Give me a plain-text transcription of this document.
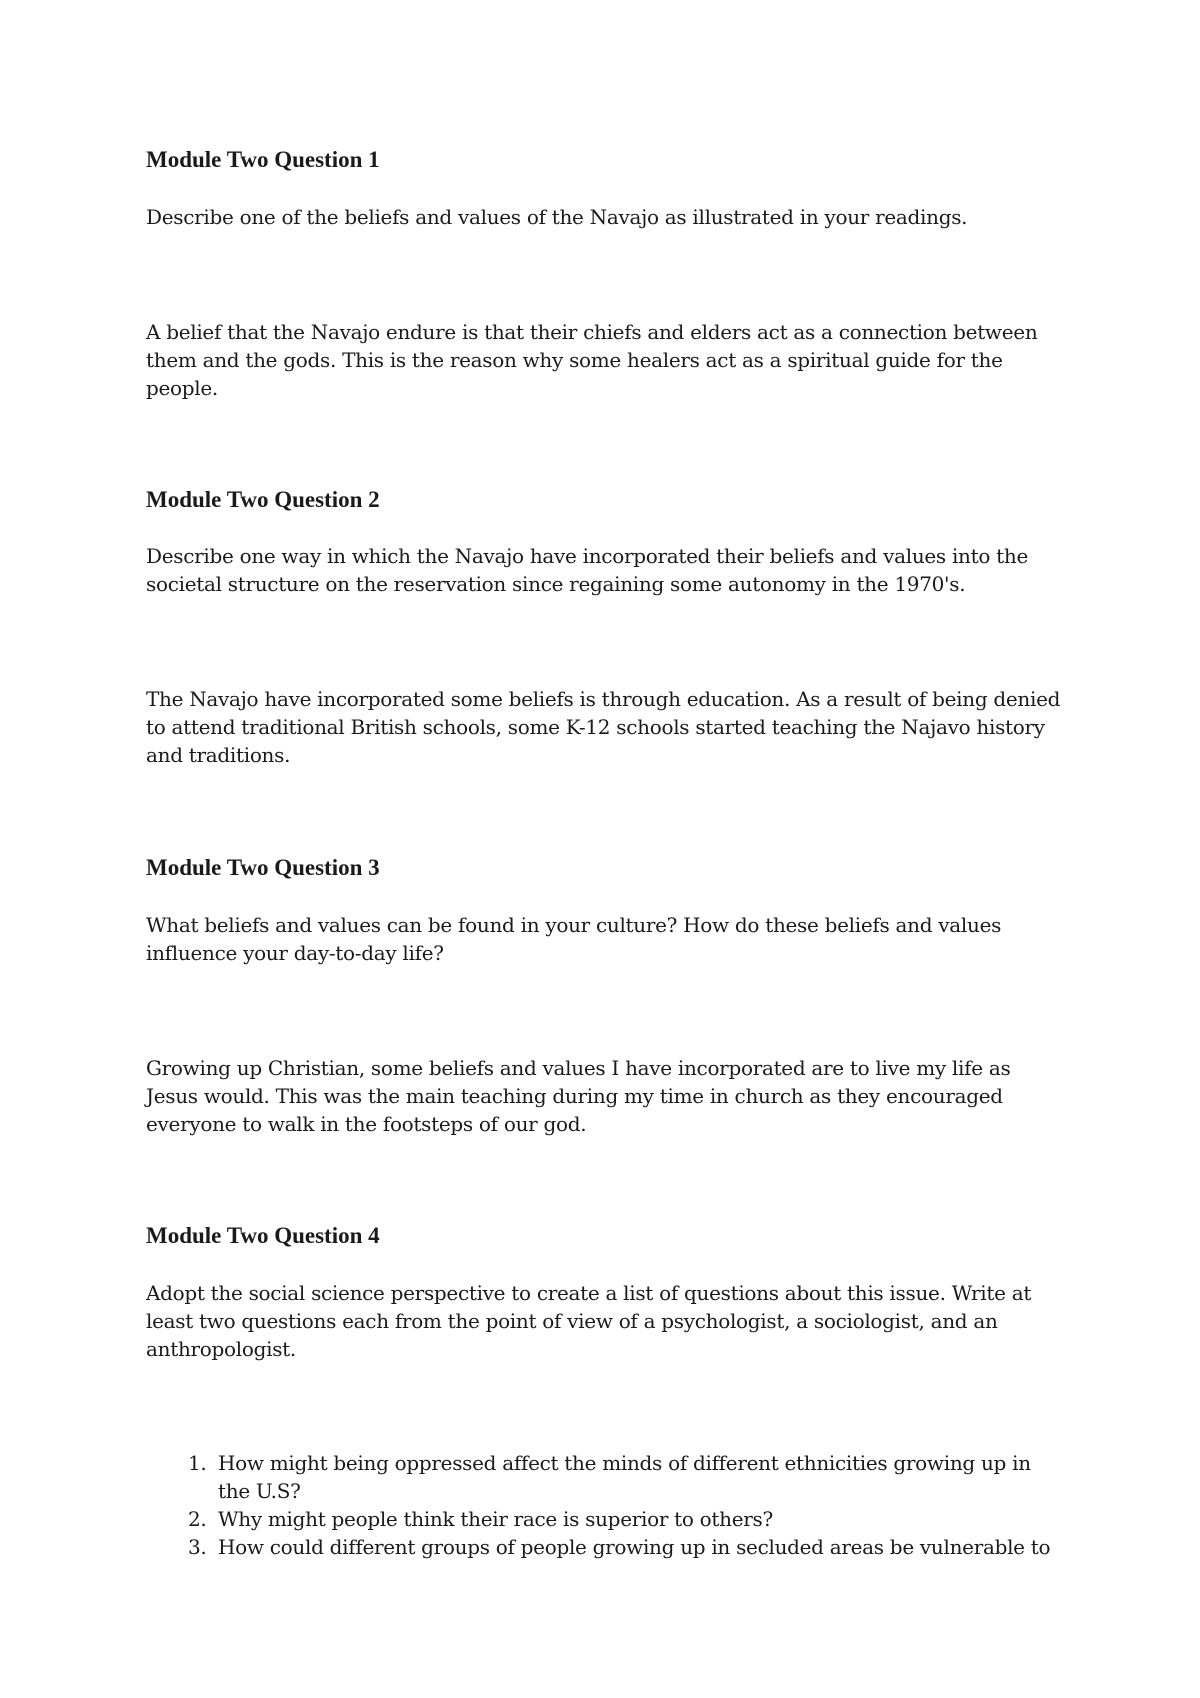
Module Two Question 1

Describe one of the beliefs and values of the Navajo as illustrated in your readings.

A belief that the Navajo endure is that their chiefs and elders act as a connection between them and the gods. This is the reason why some healers act as a spiritual guide for the people.

Module Two Question 2

Describe one way in which the Navajo have incorporated their beliefs and values into the societal structure on the reservation since regaining some autonomy in the 1970's.

The Navajo have incorporated some beliefs is through education. As a result of being denied to attend traditional British schools, some K-12 schools started teaching the Najavo history and traditions.

Module Two Question 3

What beliefs and values can be found in your culture? How do these beliefs and values influence your day-to-day life?

Growing up Christian, some beliefs and values I have incorporated are to live my life as Jesus would. This was the main teaching during my time in church as they encouraged everyone to walk in the footsteps of our god.

Module Two Question 4

Adopt the social science perspective to create a list of questions about this issue. Write at least two questions each from the point of view of a psychologist, a sociologist, and an anthropologist.

1. How might being oppressed affect the minds of different ethnicities growing up in the U.S?
2. Why might people think their race is superior to others?
3. How could different groups of people growing up in secluded areas be vulnerable to
